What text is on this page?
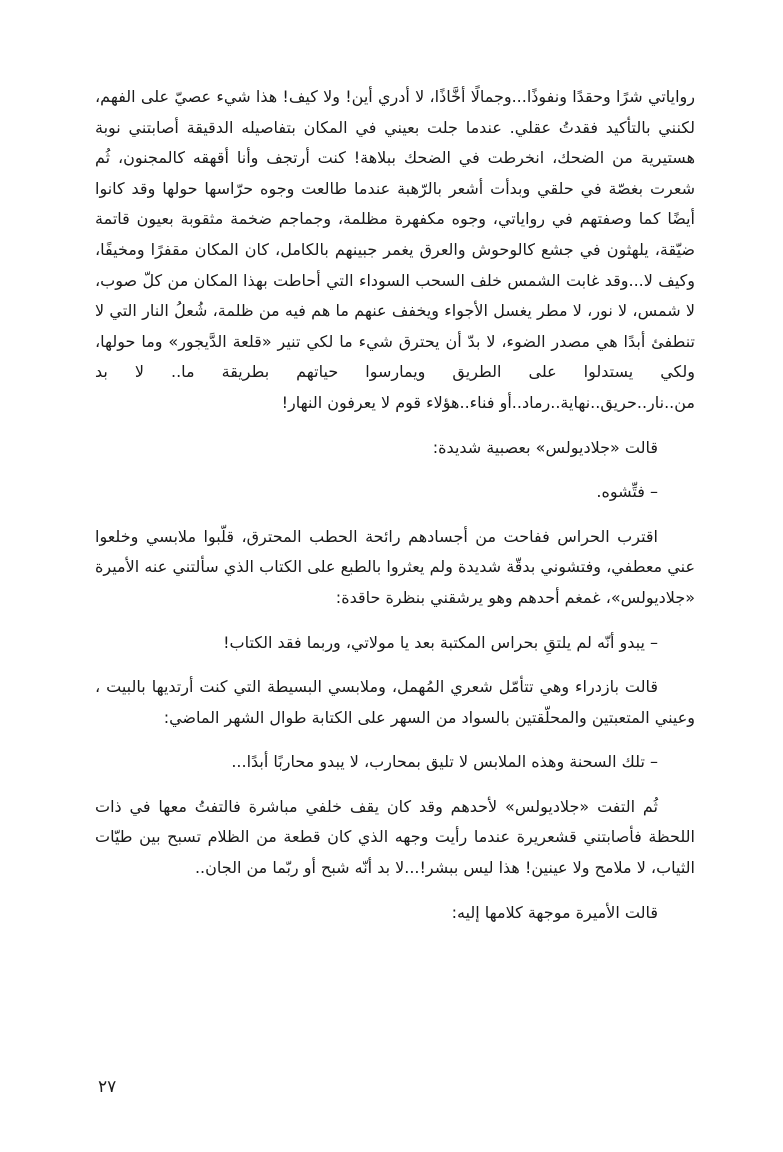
رواياتي شرًا وحقدًا ونفوذًا...وجمالًا أخَّاذًا، لا أدري أين! ولا كيف! هذا شيء عصيّ على الفهم، لكنني بالتأكيد فقدتُ عقلي. عندما جلت بعيني في المكان بتفاصيله الدقيقة أصابتني نوبة هستيرية من الضحك، انخرطت في الضحك ببلاهة! كنت أرتجف وأنا أقهقه كالمجنون، ثُم شعرت بغصّة في حلقي وبدأت أشعر بالرّهبة عندما طالعت وجوه حرّاسها حولها وقد كانوا أيضًا كما وصفتهم في رواياتي، وجوه مكفهرة مظلمة، وجماجم ضخمة مثقوبة بعيون قاتمة ضيّقة، يلهثون في جشع كالوحوش والعرق يغمر جبينهم بالكامل، كان المكان مقفرًا ومخيفًا، وكيف لا...وقد غابت الشمس خلف السحب السوداء التي أحاطت بهذا المكان من كلّ صوب، لا شمس، لا نور، لا مطر يغسل الأجواء ويخفف عنهم ما هم فيه من ظلمة، شُعلُ النار التي لا تنطفئ أبدًا هي مصدر الضوء، لا بدّ أن يحترق شيء ما لكي تنير «قلعة الدَّيجور» وما حولها، ولكي يستدلوا على الطريق ويمارسوا حياتهم بطريقة ما.. لا بد من..نار..حريق..نهاية..رماد..أو فناء..هؤلاء قوم لا يعرفون النهار!

قالت «جلاديولس» بعصبية شديدة:

– فتِّشوه.

اقترب الحراس ففاحت من أجسادهم رائحة الحطب المحترق، قلّبوا ملابسي وخلعوا عني معطفي، وفتشوني بدقّة شديدة ولم يعثروا بالطبع على الكتاب الذي سألتني عنه الأميرة «جلاديولس»، غمغم أحدهم وهو يرشقني بنظرة حاقدة:

– يبدو أنّه لم يلتقِ بحراس المكتبة بعد يا مولاتي، وربما فقد الكتاب!

قالت بازدراء وهي تتأمّل شعري المُهمل، وملابسي البسيطة التي كنت أرتديها بالبيت ، وعيني المتعبتين والمحلّقتين بالسواد من السهر على الكتابة طوال الشهر الماضي:

– تلك السحنة وهذه الملابس لا تليق بمحارب، لا يبدو محاربًا أبدًا...

ثُم التفت «جلاديولس» لأحدهم وقد كان يقف خلفي مباشرة فالتفتُ معها في ذات اللحظة فأصابتني قشعريرة عندما رأيت وجهه الذي كان قطعة من الظلام تسبح بين طيّات الثياب، لا ملامح ولا عينين! هذا ليس ببشر!...لا بد أنّه شبح أو ربّما من الجان..

قالت الأميرة موجهة كلامها إليه:

٢٧
